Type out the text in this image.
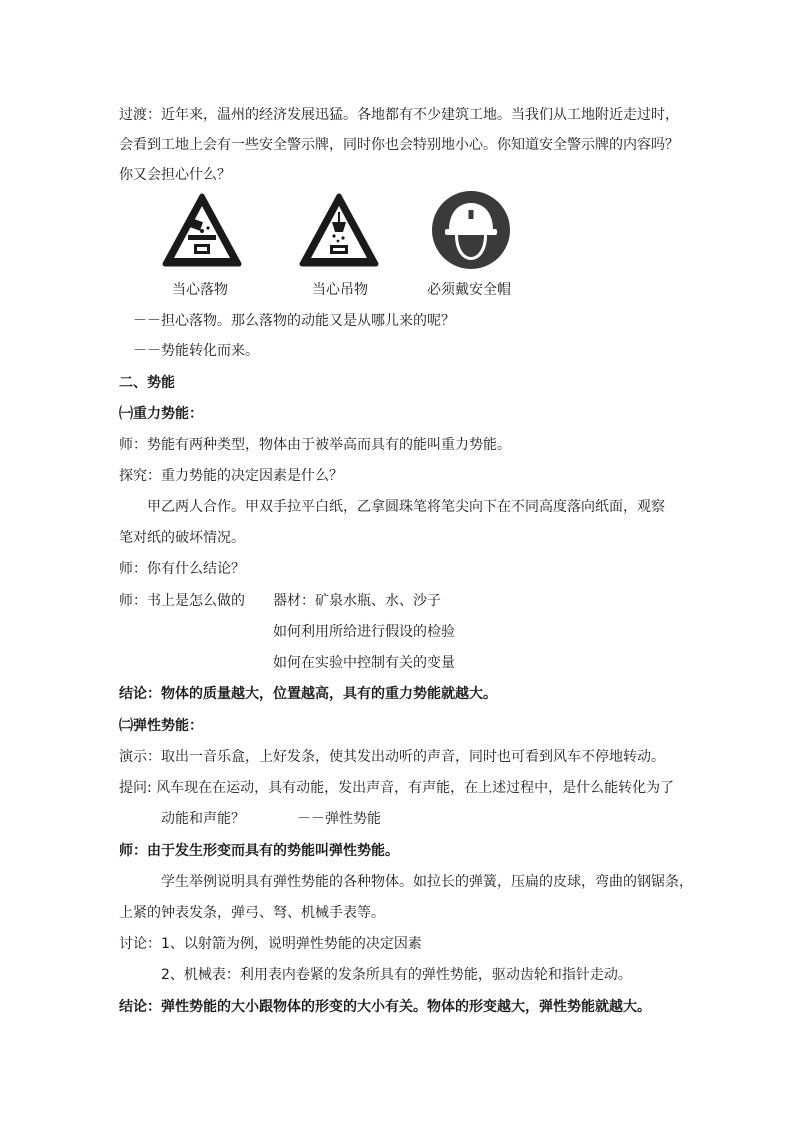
过渡：近年来，温州的经济发展迅猛。各地都有不少建筑工地。当我们从工地附近走过时，
会看到工地上会有一些安全警示牌，同时你也会特别地小心。你知道安全警示牌的内容吗？
你又会担心什么？
当心落物	当心吊物	必须戴安全帽
－－担心落物。那么落物的动能又是从哪儿来的呢？
－－势能转化而来。
二、势能
㈠重力势能：
师：势能有两种类型，物体由于被举高而具有的能叫重力势能。
探究：重力势能的决定因素是什么？
甲乙两人合作。甲双手拉平白纸，乙拿圆珠笔将笔尖向下在不同高度落向纸面，观察
笔对纸的破坏情况。
师：你有什么结论？
师：书上是怎么做的	器材：矿泉水瓶、水、沙子
如何利用所给进行假设的检验
如何在实验中控制有关的变量
结论：物体的质量越大，位置越高，具有的重力势能就越大。
㈡弹性势能：
演示：取出一音乐盒，上好发条，使其发出动听的声音，同时也可看到风车不停地转动。
提问: 风车现在在运动，具有动能，发出声音，有声能，在上述过程中，是什么能转化为了
动能和声能？	－－弹性势能
师：由于发生形变而具有的势能叫弹性势能。
学生举例说明具有弹性势能的各种物体。如拉长的弹簧，压扁的皮球，弯曲的钢锯条，
上紧的钟表发条，弹弓、弩、机械手表等。
讨论：1、以射箭为例，说明弹性势能的决定因素
2、机械表：利用表内卷紧的发条所具有的弹性势能，驱动齿轮和指针走动。
结论：弹性势能的大小跟物体的形变的大小有关。物体的形变越大，弹性势能就越大。
